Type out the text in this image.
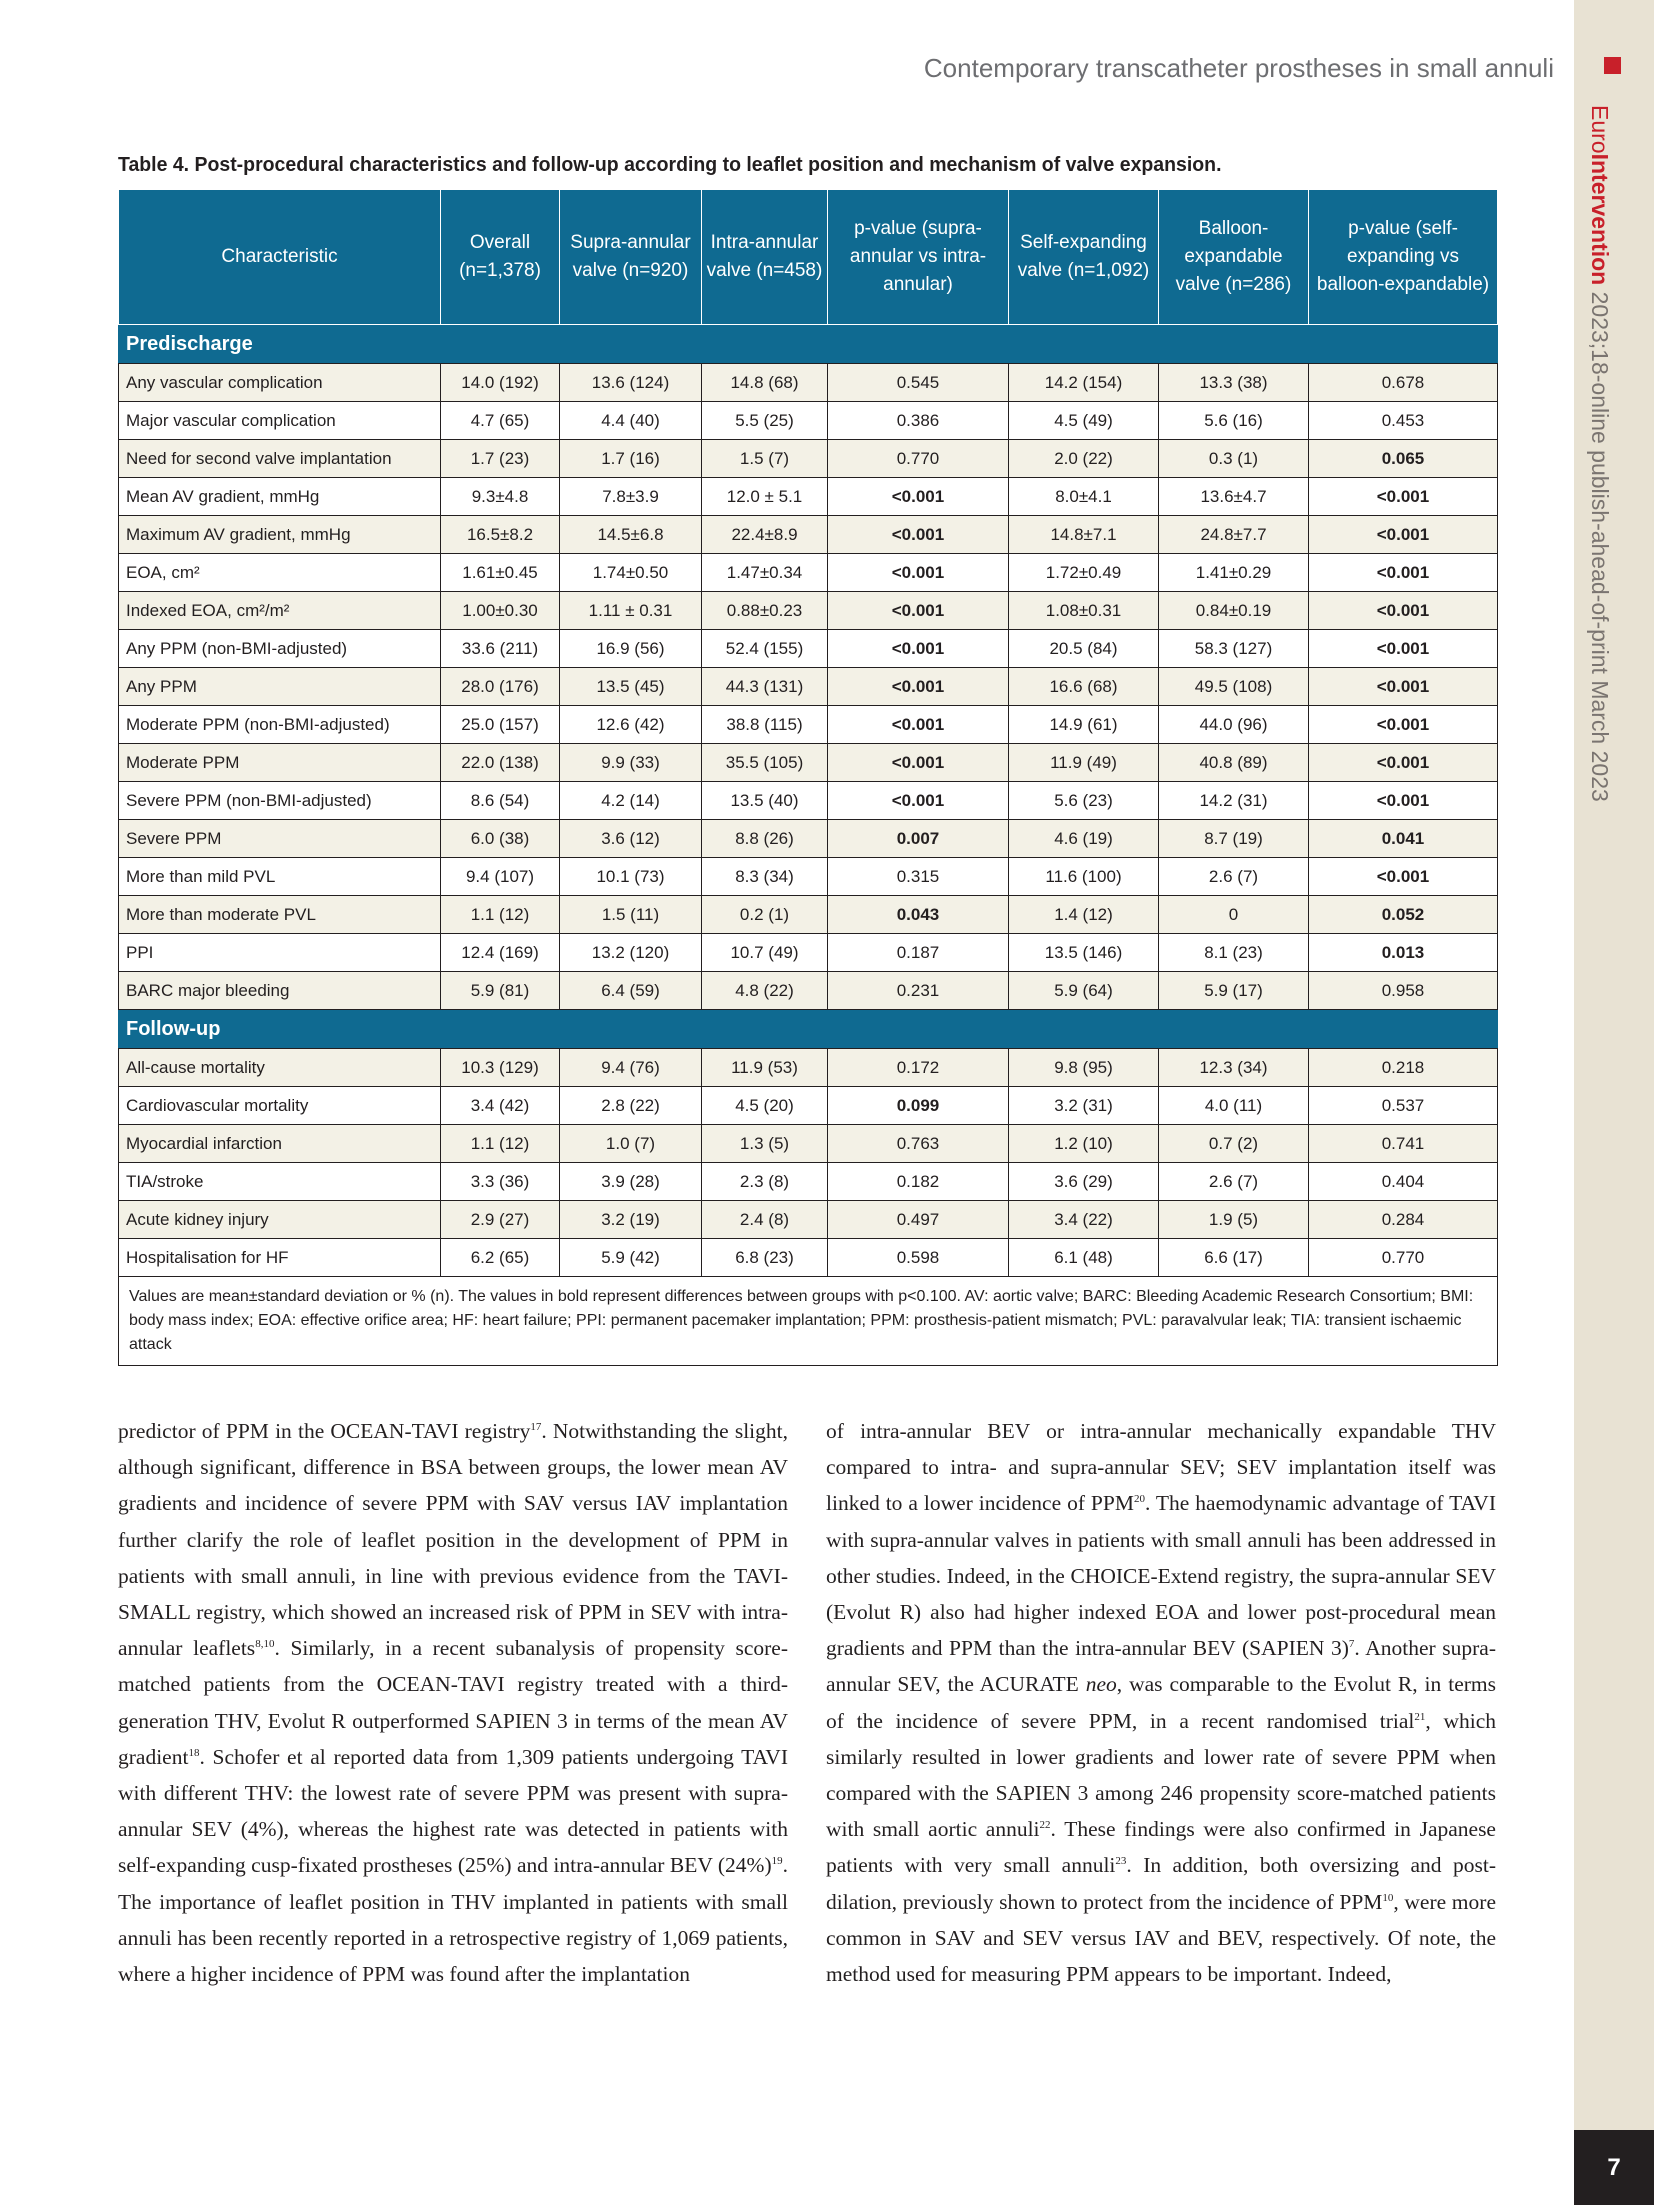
EuroIntervention 2023;18-online publish-ahead-of-print March 2023
7
Contemporary transcatheter prostheses in small annuli
Table 4. Post-procedural characteristics and follow-up according to leaflet position and mechanism of valve expansion.
Characteristic	Overall (n=1,378)	Supra-annular valve (n=920)	Intra-annular valve (n=458)	p-value (supra-annular vs intra-annular)	Self-expanding valve (n=1,092)	Balloon-expandable valve (n=286)	p-value (self-expanding vs balloon-expandable)
Predischarge							
Any vascular complication	14.0 (192)	13.6 (124)	14.8 (68)	0.545	14.2 (154)	13.3 (38)	0.678
Major vascular complication	4.7 (65)	4.4 (40)	5.5 (25)	0.386	4.5 (49)	5.6 (16)	0.453
Need for second valve implantation	1.7 (23)	1.7 (16)	1.5 (7)	0.770	2.0 (22)	0.3 (1)	0.065
Mean AV gradient, mmHg	9.3±4.8	7.8±3.9	12.0 ± 5.1	<0.001	8.0±4.1	13.6±4.7	<0.001
Maximum AV gradient, mmHg	16.5±8.2	14.5±6.8	22.4±8.9	<0.001	14.8±7.1	24.8±7.7	<0.001
EOA, cm²	1.61±0.45	1.74±0.50	1.47±0.34	<0.001	1.72±0.49	1.41±0.29	<0.001
Indexed EOA, cm²/m²	1.00±0.30	1.11 ± 0.31	0.88±0.23	<0.001	1.08±0.31	0.84±0.19	<0.001
Any PPM (non-BMI-adjusted)	33.6 (211)	16.9 (56)	52.4 (155)	<0.001	20.5 (84)	58.3 (127)	<0.001
Any PPM	28.0 (176)	13.5 (45)	44.3 (131)	<0.001	16.6 (68)	49.5 (108)	<0.001
Moderate PPM (non-BMI-adjusted)	25.0 (157)	12.6 (42)	38.8 (115)	<0.001	14.9 (61)	44.0 (96)	<0.001
Moderate PPM	22.0 (138)	9.9 (33)	35.5 (105)	<0.001	11.9 (49)	40.8 (89)	<0.001
Severe PPM (non-BMI-adjusted)	8.6 (54)	4.2 (14)	13.5 (40)	<0.001	5.6 (23)	14.2 (31)	<0.001
Severe PPM	6.0 (38)	3.6 (12)	8.8 (26)	0.007	4.6 (19)	8.7 (19)	0.041
More than mild PVL	9.4 (107)	10.1 (73)	8.3 (34)	0.315	11.6 (100)	2.6 (7)	<0.001
More than moderate PVL	1.1 (12)	1.5 (11)	0.2 (1)	0.043	1.4 (12)	0	0.052
PPI	12.4 (169)	13.2 (120)	10.7 (49)	0.187	13.5 (146)	8.1 (23)	0.013
BARC major bleeding	5.9 (81)	6.4 (59)	4.8 (22)	0.231	5.9 (64)	5.9 (17)	0.958
Follow-up							
All-cause mortality	10.3 (129)	9.4 (76)	11.9 (53)	0.172	9.8 (95)	12.3 (34)	0.218
Cardiovascular mortality	3.4 (42)	2.8 (22)	4.5 (20)	0.099	3.2 (31)	4.0 (11)	0.537
Myocardial infarction	1.1 (12)	1.0 (7)	1.3 (5)	0.763	1.2 (10)	0.7 (2)	0.741
TIA/stroke	3.3 (36)	3.9 (28)	2.3 (8)	0.182	3.6 (29)	2.6 (7)	0.404
Acute kidney injury	2.9 (27)	3.2 (19)	2.4 (8)	0.497	3.4 (22)	1.9 (5)	0.284
Hospitalisation for HF	6.2 (65)	5.9 (42)	6.8 (23)	0.598	6.1 (48)	6.6 (17)	0.770
Values are mean±standard deviation or % (n). The values in bold represent differences between groups with p<0.100. AV: aortic valve; BARC: Bleeding Academic Research Consortium; BMI: body mass index; EOA: effective orifice area; HF: heart failure; PPI: permanent pacemaker implantation; PPM: prosthesis-patient mismatch; PVL: paravalvular leak; TIA: transient ischaemic attack							

predictor of PPM in the OCEAN-TAVI registry$^{17}$. Notwithstanding the slight, although significant, difference in BSA between groups, the lower mean AV gradients and incidence of severe PPM with SAV versus IAV implantation further clarify the role of leaflet position in the development of PPM in patients with small annuli, in line with previous evidence from the TAVI-SMALL registry, which showed an increased risk of PPM in SEV with intra-annular leaflets$^{8,10}$. Similarly, in a recent subanalysis of propensity score-matched patients from the OCEAN-TAVI registry treated with a third-generation THV, Evolut R outperformed SAPIEN 3 in terms of the mean AV gradient$^{18}$. Schofer et al reported data from 1,309 patients undergoing TAVI with different THV: the lowest rate of severe PPM was present with supra-annular SEV (4%), whereas the highest rate was detected in patients with self-expanding cusp-fixated prostheses (25%) and intra-annular BEV $(24\%)^{19}$. The importance of leaflet position in THV implanted in patients with small annuli has been recently reported in a retrospective registry of 1,069 patients, where a higher incidence of PPM was found after the implantation

of intra-annular BEV or intra-annular mechanically expandable THV compared to intra- and supra-annular SEV; SEV implantation itself was linked to a lower incidence of PPM$^{20}$. The haemodynamic advantage of TAVI with supra-annular valves in patients with small annuli has been addressed in other studies. Indeed, in the CHOICE-Extend registry, the supra-annular SEV (Evolut R) also had higher indexed EOA and lower post-procedural mean gradients and PPM than the intra-annular BEV (SAPIEN 3)$^7$. Another supra-annular SEV, the ACURATE neo, was comparable to the Evolut R, in terms of the incidence of severe PPM, in a recent randomised trial$^{21}$, which similarly resulted in lower gradients and lower rate of severe PPM when compared with the SAPIEN 3 among 246 propensity score-matched patients with small aortic annuli$^{22}$. These findings were also confirmed in Japanese patients with very small annuli$^{23}$. In addition, both oversizing and post-dilation, previously shown to protect from the incidence of PPM$^{10}$, were more common in SAV and SEV versus IAV and BEV, respectively. Of note, the method used for measuring PPM appears to be important. Indeed,
